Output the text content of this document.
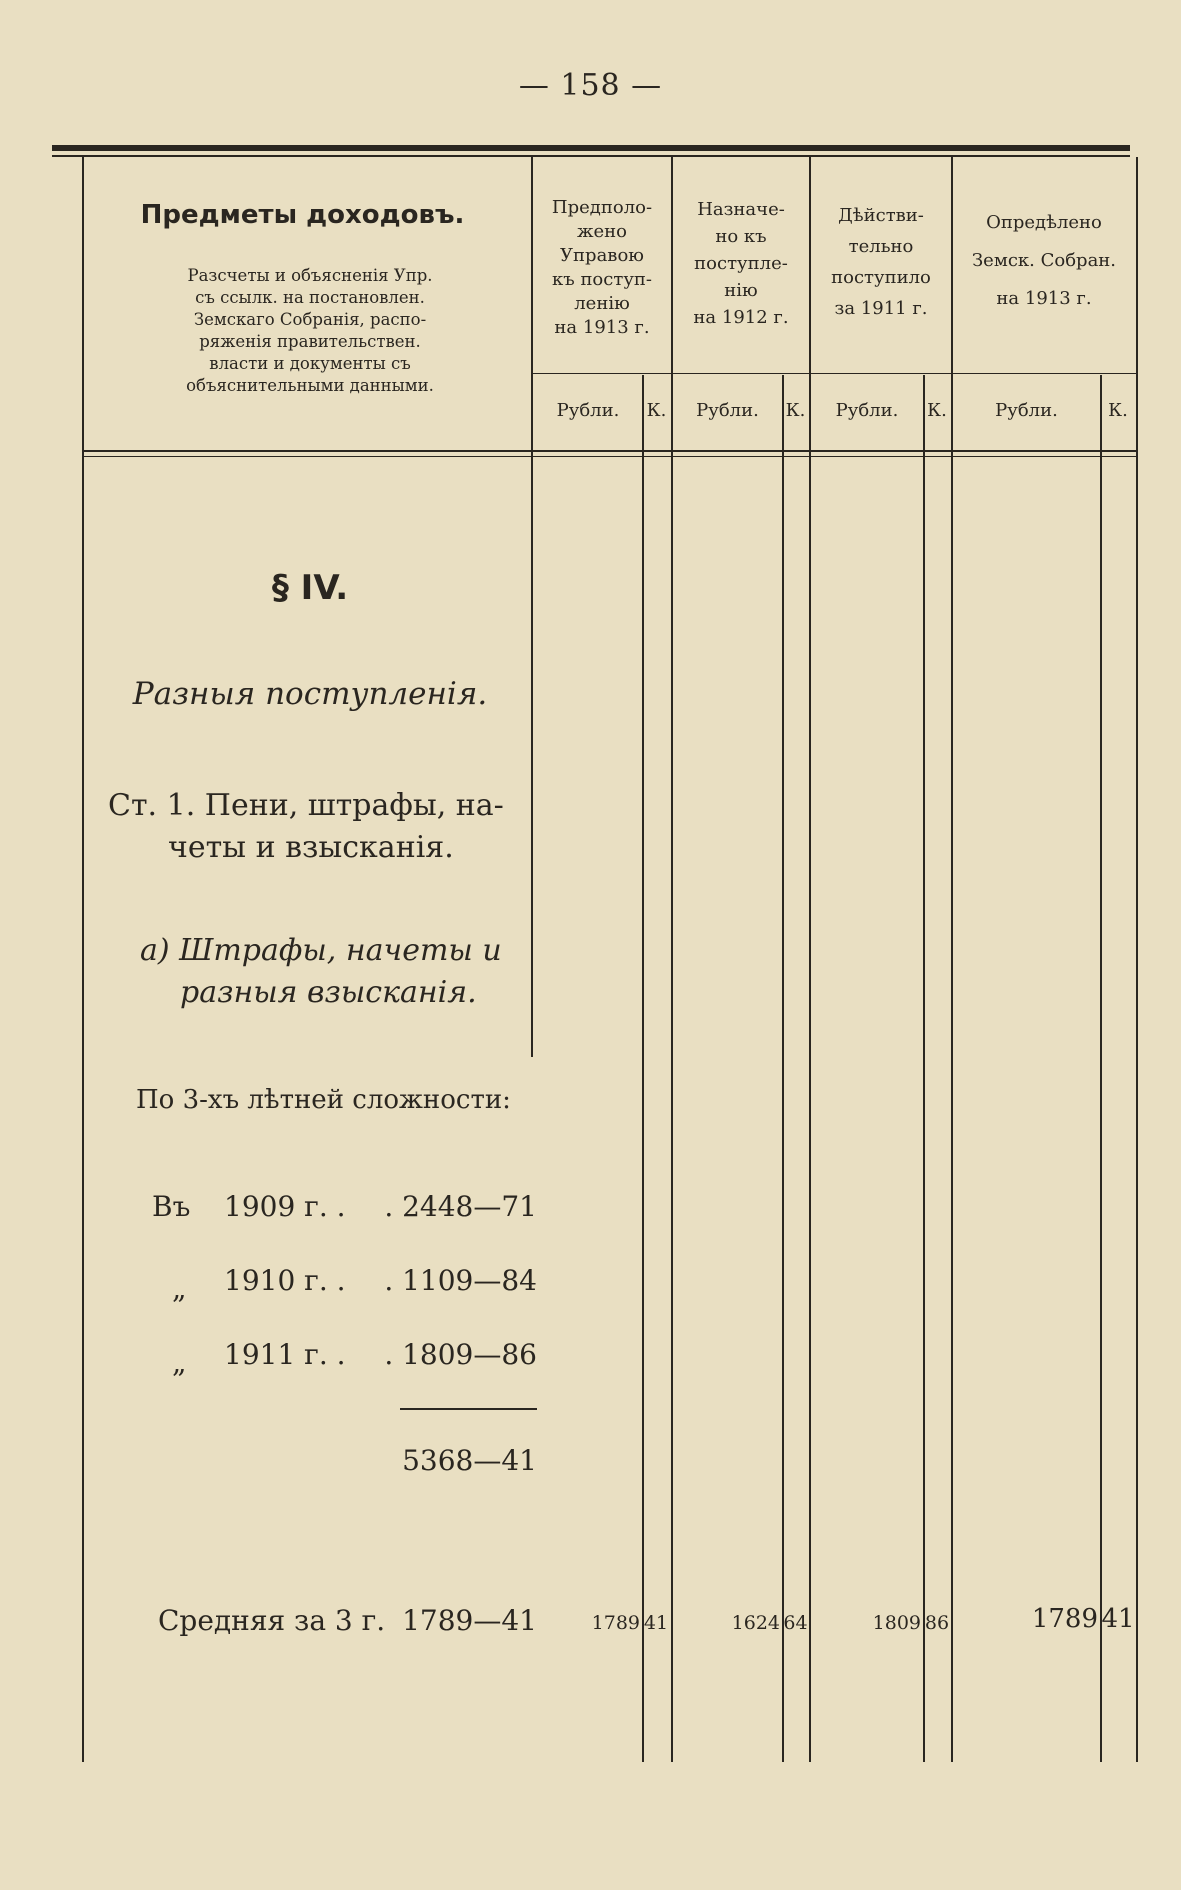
— 158 —
Предметы доходовъ.
Разсчеты и объясненія Упр.
съ ссылк. на постановлен.
Земскаго Собранія, распо-
ряженія правительствен.
власти и документы съ
объяснительными данными.
Предполо-
жено
Управою
къ поступ-
ленію
на 1913 г.
Назначе-
но къ
поступле-
нію
на 1912 г.
Дѣйстви-
тельно
поступило
за 1911 г.
Опредѣлено
Земск. Собран.
на 1913 г.
Рубли.	К.	Рубли.	К.	Рубли.	К.	Рубли.	К.
§ IV.
Разныя поступленія.
Ст. 1. Пени, штрафы, на-
четы и взысканія.
а) Штрафы, начеты и
разныя взысканія.
По 3-хъ лѣтней сложности:
Въ 1909 г. . . 2448—71
„ 1910 г. . . 1109—84
„ 1911 г. . . 1809—86
5368—41
Средняя за 3 г. 1789—41	1789 41	1624 64	1809 86	1789 41
